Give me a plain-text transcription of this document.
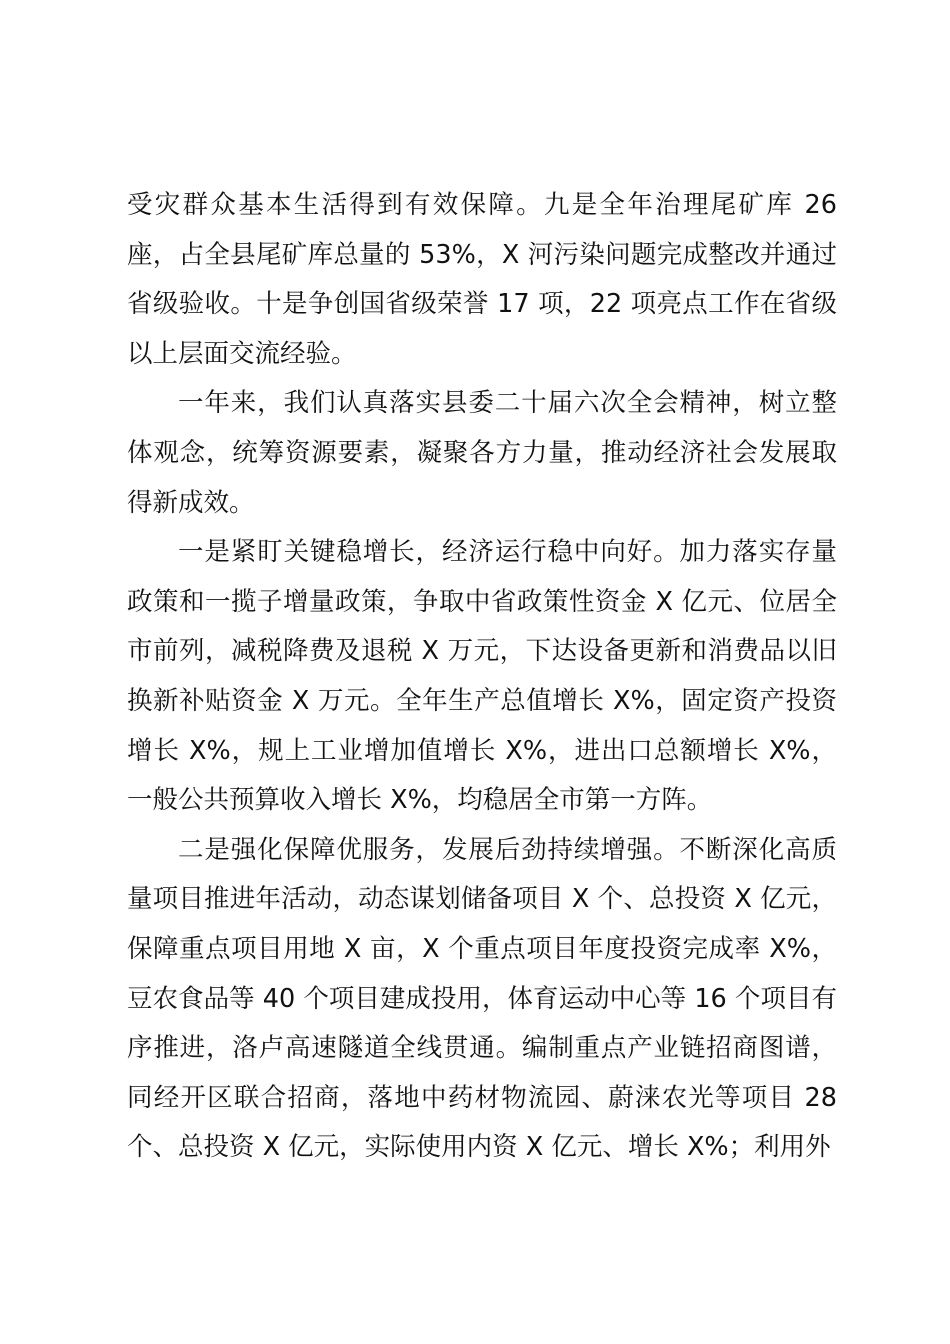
受灾群众基本生活得到有效保障。九是全年治理尾矿库 26 座，占全县尾矿库总量的 53%，X 河污染问题完成整改并通过省级验收。十是争创国省级荣誉 17 项，22 项亮点工作在省级以上层面交流经验。

一年来，我们认真落实县委二十届六次全会精神，树立整体观念，统筹资源要素，凝聚各方力量，推动经济社会发展取得新成效。

一是紧盯关键稳增长，经济运行稳中向好。加力落实存量政策和一揽子增量政策，争取中省政策性资金 X 亿元、位居全市前列，减税降费及退税 X 万元，下达设备更新和消费品以旧换新补贴资金 X 万元。全年生产总值增长 X%，固定资产投资增长 X%，规上工业增加值增长 X%，进出口总额增长 X%，一般公共预算收入增长 X%，均稳居全市第一方阵。

二是强化保障优服务，发展后劲持续增强。不断深化高质量项目推进年活动，动态谋划储备项目 X 个、总投资 X 亿元，保障重点项目用地 X 亩，X 个重点项目年度投资完成率 X%，豆农食品等 40 个项目建成投用，体育运动中心等 16 个项目有序推进，洛卢高速隧道全线贯通。编制重点产业链招商图谱，同经开区联合招商，落地中药材物流园、蔚涞农光等项目 28 个、总投资 X 亿元，实际使用内资 X 亿元、增长 X%；利用外
